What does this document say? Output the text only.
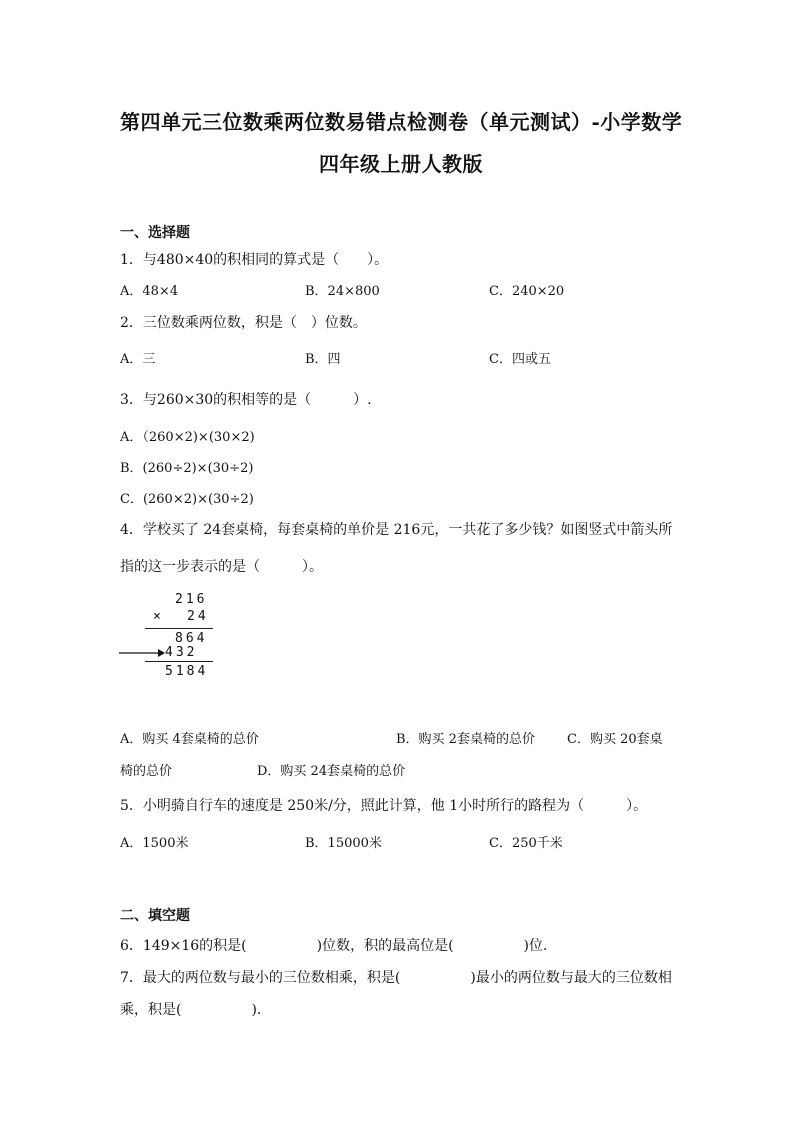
第四单元三位数乘两位数易错点检测卷（单元测试）-小学数学
四年级上册人教版
一、选择题
1．与480×40的积相同的算式是（　　）。
A．48×4	B．24×800	C．240×20
2．三位数乘两位数，积是（　）位数。
A．三	B．四	C．四或五
3．与260×30的积相等的是（　　　）.
A．（260×2)×(30×2)
B．(260÷2)×(30÷2)
C．(260×2)×(30÷2)
4．学校买了 24套桌椅，每套桌椅的单价是 216元，一共花了多少钱？如图竖式中箭头所
指的这一步表示的是（　　　）。
216
× 24
864
432
5184
A．购买 4套桌椅的总价	B．购买 2套桌椅的总价 C．购买 20套桌
椅的总价	D．购买 24套桌椅的总价
5．小明骑自行车的速度是 250米/分，照此计算，他 1小时所行的路程为（　　　）。
A．1500米	B．15000米	C．250千米
二、填空题
6．149×16的积是(　　　　　)位数，积的最高位是(　　　　　)位．
7．最大的两位数与最小的三位数相乘，积是(　　　　　)最小的两位数与最大的三位数相
乘，积是(　　　　　).
